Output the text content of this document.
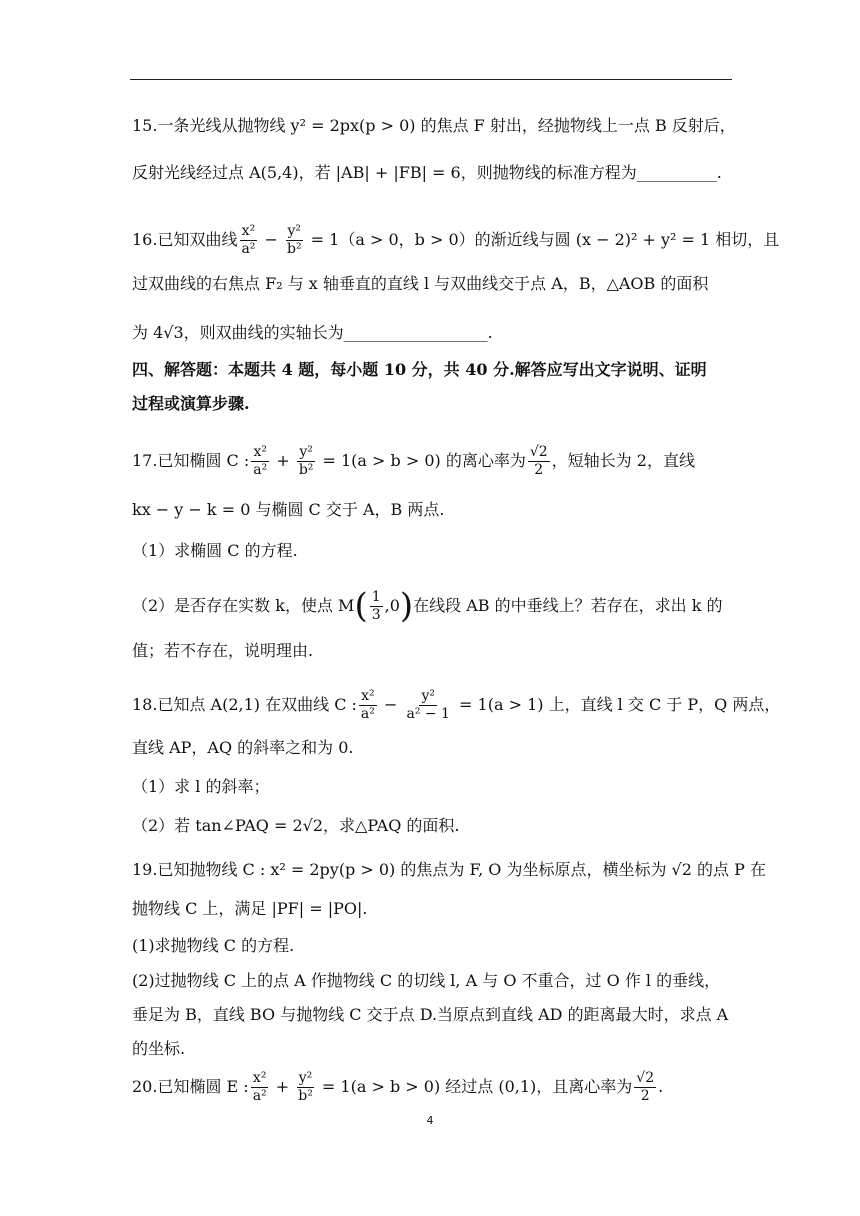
15.一条光线从抛物线 y² = 2px(p > 0) 的焦点 F 射出，经抛物线上一点 B 反射后，
反射光线经过点 A(5,4)，若 |AB| + |FB| = 6，则抛物线的标准方程为__________.
16.已知双曲线 $\frac{\text{x²}}{\text{a²}} - \frac{\text{y²}}{\text{b²}} = 1(a > 0$，b > 0）的渐近线与圆 (x − 2)² + y² = 1 相切，且
过双曲线的右焦点 F₂ 与 x 轴垂直的直线 l 与双曲线交于点 A，B，△AOB 的面积
为 4√3，则双曲线的实轴长为__________________.
四、解答题：本题共 4 题，每小题 10 分，共 40 分.解答应写出文字说明、证明
过程或演算步骤.
17.已知椭圆 C : $\frac{\text{x²}}{\text{a²}} + \frac{\text{y²}}{\text{b²}} = 1(a > b > 0)$ 的离心率为 $\frac{√2}{2}$ ，短轴长为 2，直线
kx − y − k = 0 与椭圆 C 交于 A，B 两点.
（1）求椭圆 C 的方程.
（2）是否存在实数 k，使点 $M( \frac{1}{3} ,0)$在线段 AB 的中垂线上？若存在，求出 k 的
值；若不存在，说明理由.
18.已知点 A(2,1) 在双曲线 C : $\frac{\text{x²}}{\text{a²}} - \frac{\text{y²}}{\text{a² − 1}} = 1(a > 1)$ 上，直线 l 交 C 于 P，Q 两点，
直线 AP，AQ 的斜率之和为 0.
（1）求 l 的斜率；
（2）若 tan∠PAQ = 2√2，求△PAQ 的面积.
19.已知抛物线 C : x² = 2py(p > 0) 的焦点为 F, O 为坐标原点，横坐标为 √2 的点 P 在
抛物线 C 上，满足 |PF| = |PO|.
(1)求抛物线 C 的方程.
(2)过抛物线 C 上的点 A 作抛物线 C 的切线 l, A 与 O 不重合，过 O 作 l 的垂线，
垂足为 B，直线 BO 与抛物线 C 交于点 D.当原点到直线 AD 的距离最大时，求点 A
的坐标.
20.已知椭圆 E : $\frac{\text{x²}}{\text{a²}} + \frac{\text{y²}}{\text{b²}} = 1(a > b > 0)$ 经过点 (0,1)，且离心率为 $\frac{√2}{2}$ .
4
